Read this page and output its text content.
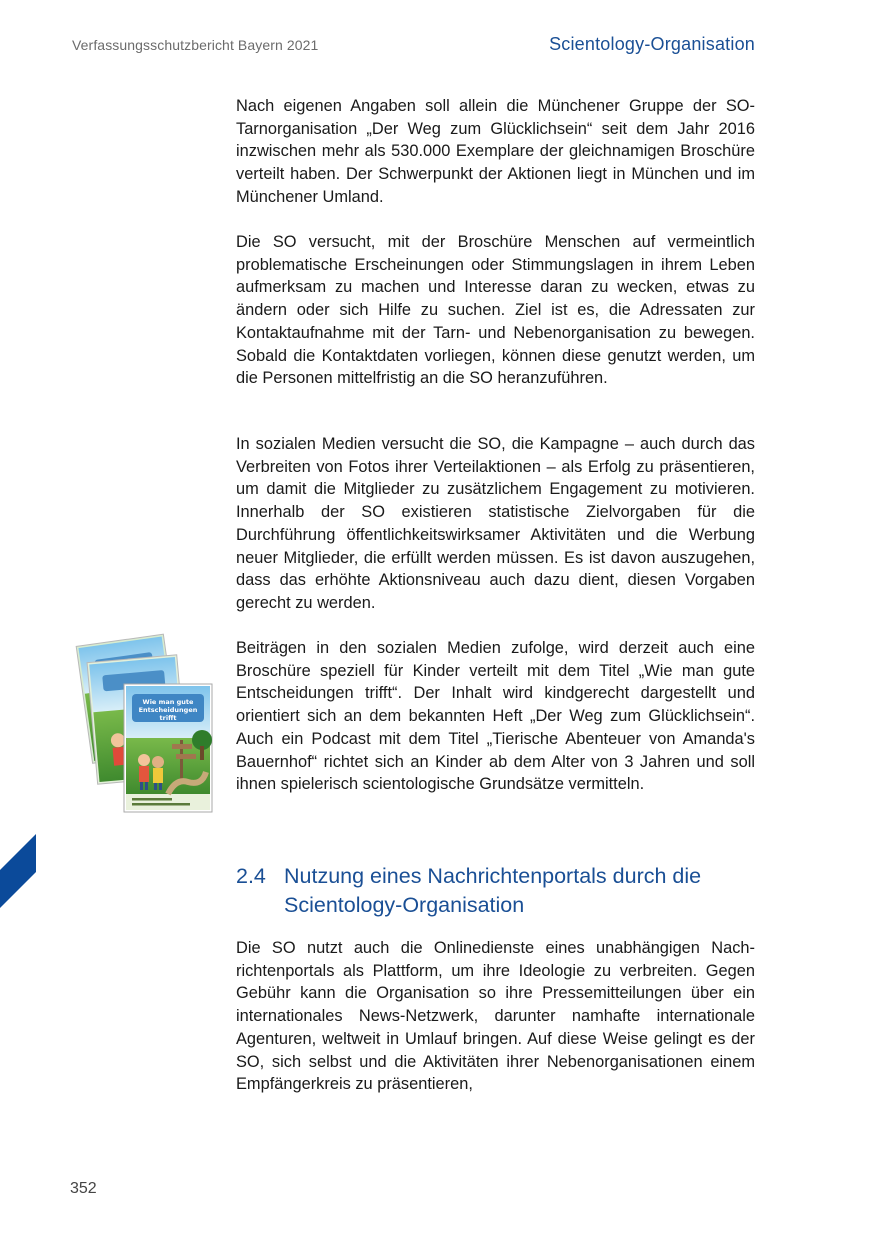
Verfassungsschutzbericht Bayern 2021	Scientology-Organisation

Nach eigenen Angaben soll allein die Münchener Gruppe der SO-Tarnorganisation „Der Weg zum Glücklichsein“ seit dem Jahr 2016 inzwischen mehr als 530.000 Exemplare der gleichnamigen Broschüre verteilt haben. Der Schwerpunkt der Aktionen liegt in München und im Münchener Umland.

Die SO versucht, mit der Broschüre Menschen auf vermeintlich problematische Erscheinungen oder Stimmungslagen in ihrem Leben aufmerksam zu machen und Interesse daran zu wecken, etwas zu ändern oder sich Hilfe zu suchen. Ziel ist es, die Adressaten zur Kontaktaufnahme mit der Tarn- und Nebenorganisation zu bewegen. Sobald die Kontaktdaten vorliegen, können diese genutzt werden, um die Personen mittelfristig an die SO heranzuführen.

In sozialen Medien versucht die SO, die Kampagne – auch durch das Verbreiten von Fotos ihrer Verteilaktionen – als Erfolg zu präsentieren, um damit die Mitglieder zu zusätzlichem Engagement zu motivieren. Innerhalb der SO existieren statistische Zielvorgaben für die Durchführung öffentlichkeitswirksamer Aktivitäten und die Werbung neuer Mitglieder, die erfüllt werden müssen. Es ist davon auszugehen, dass das erhöhte Aktionsniveau auch dazu dient, diesen Vorgaben gerecht zu werden.

Wie man gute
Entscheidungen
trifft

Beiträgen in den sozialen Medien zufolge, wird derzeit auch eine Broschüre speziell für Kinder verteilt mit dem Titel „Wie man gute Entscheidungen trifft“. Der Inhalt wird kindgerecht dargestellt und orientiert sich an dem bekannten Heft „Der Weg zum Glücklichsein“. Auch ein Podcast mit dem Titel „Tierische Abenteuer von Amanda's Bauernhof“ richtet sich an Kinder ab dem Alter von 3 Jahren und soll ihnen spielerisch scientologische Grundsätze vermitteln.

2.4 Nutzung eines Nachrichtenportals durch die Scientology-Organisation

Die SO nutzt auch die Onlinedienste eines unabhängigen Nachrichtenportals als Plattform, um ihre Ideologie zu verbreiten. Gegen Gebühr kann die Organisation so ihre Pressemitteilungen über ein internationales News-Netzwerk, darunter namhafte internationale Agenturen, weltweit in Umlauf bringen. Auf diese Weise gelingt es der SO, sich selbst und die Aktivitäten ihrer Nebenorganisationen einem Empfängerkreis zu präsentieren,

352
